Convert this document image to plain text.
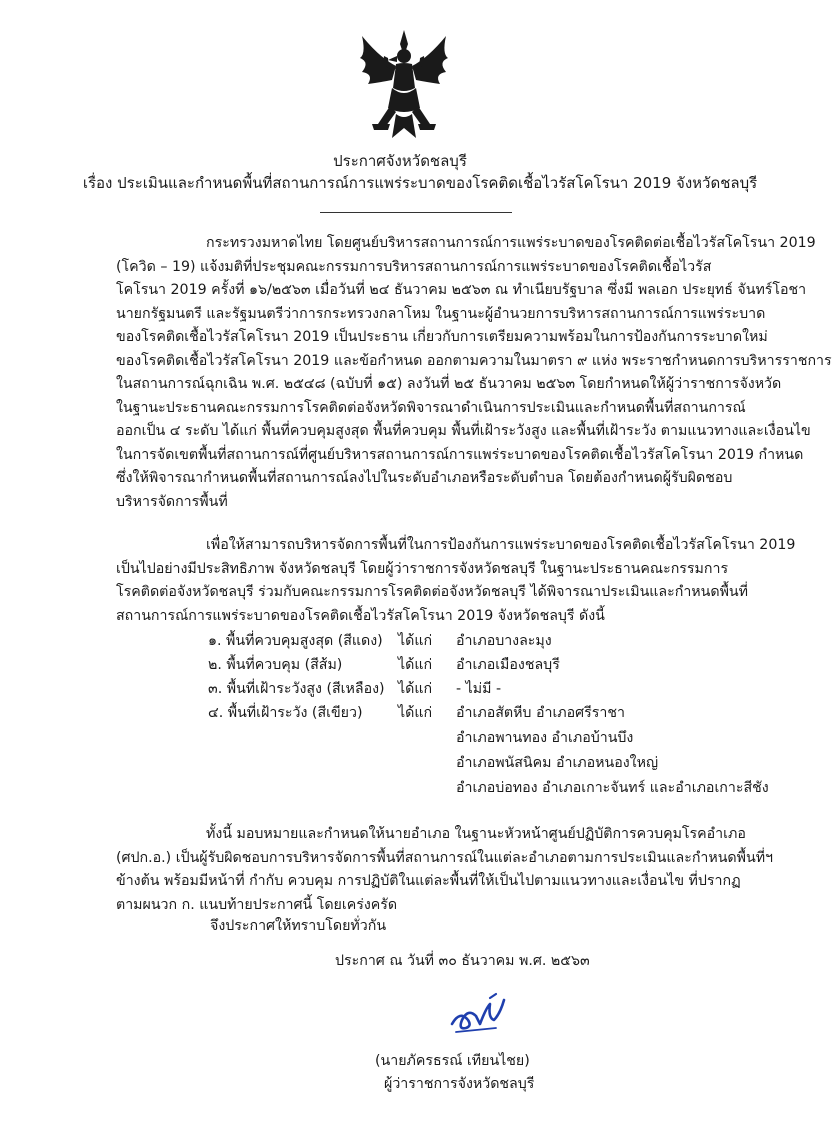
ประกาศจังหวัดชลบุรี
เรื่อง ประเมินและกำหนดพื้นที่สถานการณ์การแพร่ระบาดของโรคติดเชื้อไวรัสโคโรนา 2019 จังหวัดชลบุรี
กระทรวงมหาดไทย โดยศูนย์บริหารสถานการณ์การแพร่ระบาดของโรคติดต่อเชื้อไวรัสโคโรนา 2019
(โควิด – 19) แจ้งมติที่ประชุมคณะกรรมการบริหารสถานการณ์การแพร่ระบาดของโรคติดเชื้อไวรัส
โคโรนา 2019 ครั้งที่ ๑๖/๒๕๖๓ เมื่อวันที่ ๒๔ ธันวาคม ๒๕๖๓ ณ ทำเนียบรัฐบาล ซึ่งมี พลเอก ประยุทธ์ จันทร์โอชา
นายกรัฐมนตรี และรัฐมนตรีว่าการกระทรวงกลาโหม ในฐานะผู้อำนวยการบริหารสถานการณ์การแพร่ระบาด
ของโรคติดเชื้อไวรัสโคโรนา 2019 เป็นประธาน เกี่ยวกับการเตรียมความพร้อมในการป้องกันการระบาดใหม่
ของโรคติดเชื้อไวรัสโคโรนา 2019 และข้อกำหนด ออกตามความในมาตรา ๙ แห่ง พระราชกำหนดการบริหารราชการ
ในสถานการณ์ฉุกเฉิน พ.ศ. ๒๕๔๘ (ฉบับที่ ๑๕) ลงวันที่ ๒๕ ธันวาคม ๒๕๖๓ โดยกำหนดให้ผู้ว่าราชการจังหวัด
ในฐานะประธานคณะกรรมการโรคติดต่อจังหวัดพิจารณาดำเนินการประเมินและกำหนดพื้นที่สถานการณ์
ออกเป็น ๔ ระดับ ได้แก่ พื้นที่ควบคุมสูงสุด พื้นที่ควบคุม พื้นที่เฝ้าระวังสูง และพื้นที่เฝ้าระวัง ตามแนวทางและเงื่อนไข
ในการจัดเขตพื้นที่สถานการณ์ที่ศูนย์บริหารสถานการณ์การแพร่ระบาดของโรคติดเชื้อไวรัสโคโรนา 2019 กำหนด
ซึ่งให้พิจารณากำหนดพื้นที่สถานการณ์ลงไปในระดับอำเภอหรือระดับตำบล โดยต้องกำหนดผู้รับผิดชอบ
บริหารจัดการพื้นที่
เพื่อให้สามารถบริหารจัดการพื้นที่ในการป้องกันการแพร่ระบาดของโรคติดเชื้อไวรัสโคโรนา 2019
เป็นไปอย่างมีประสิทธิภาพ จังหวัดชลบุรี โดยผู้ว่าราชการจังหวัดชลบุรี ในฐานะประธานคณะกรรมการ
โรคติดต่อจังหวัดชลบุรี ร่วมกับคณะกรรมการโรคติดต่อจังหวัดชลบุรี ได้พิจารณาประเมินและกำหนดพื้นที่
สถานการณ์การแพร่ระบาดของโรคติดเชื้อไวรัสโคโรนา 2019 จังหวัดชลบุรี ดังนี้
๑. พื้นที่ควบคุมสูงสุด (สีแดง) ได้แก่ อำเภอบางละมุง
๒. พื้นที่ควบคุม (สีส้ม)	ได้แก่ อำเภอเมืองชลบุรี
๓. พื้นที่เฝ้าระวังสูง (สีเหลือง) ได้แก่ - ไม่มี -
๔. พื้นที่เฝ้าระวัง (สีเขียว)	ได้แก่ อำเภอสัตหีบ อำเภอศรีราชา
อำเภอพานทอง อำเภอบ้านบึง
อำเภอพนัสนิคม อำเภอหนองใหญ่
อำเภอบ่อทอง อำเภอเกาะจันทร์ และอำเภอเกาะสีชัง
ทั้งนี้ มอบหมายและกำหนดให้นายอำเภอ ในฐานะหัวหน้าศูนย์ปฏิบัติการควบคุมโรคอำเภอ
(ศปก.อ.) เป็นผู้รับผิดชอบการบริหารจัดการพื้นที่สถานการณ์ในแต่ละอำเภอตามการประเมินและกำหนดพื้นที่ฯ
ข้างต้น พร้อมมีหน้าที่ กำกับ ควบคุม การปฏิบัติในแต่ละพื้นที่ให้เป็นไปตามแนวทางและเงื่อนไข ที่ปรากฏ
ตามผนวก ก. แนบท้ายประกาศนี้ โดยเคร่งครัด
จึงประกาศให้ทราบโดยทั่วกัน
ประกาศ ณ วันที่ ๓๐ ธันวาคม พ.ศ. ๒๕๖๓
(นายภัครธรณ์ เทียนไชย)
ผู้ว่าราชการจังหวัดชลบุรี
